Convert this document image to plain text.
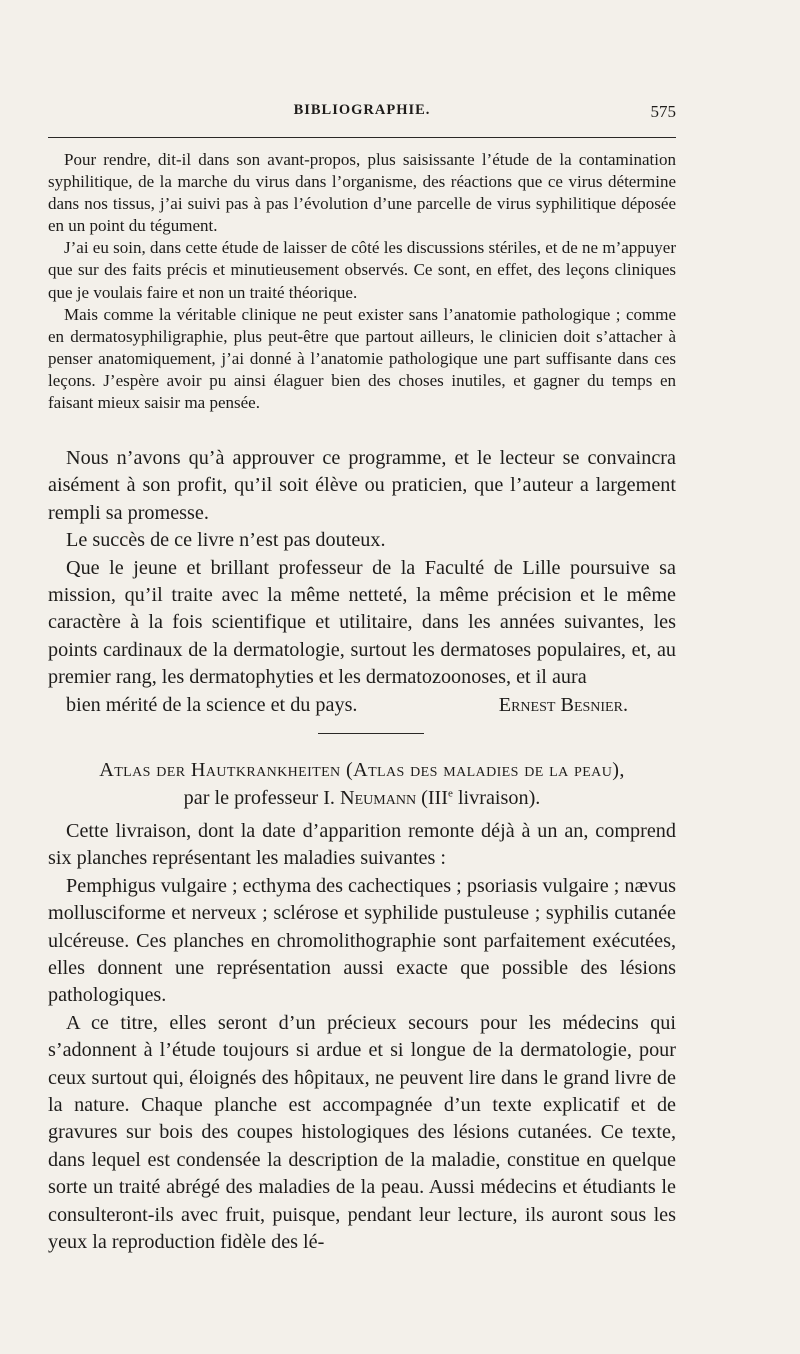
BIBLIOGRAPHIE.	575

Pour rendre, dit-il dans son avant-propos, plus saisissante l’étude de la contamination syphilitique, de la marche du virus dans l’organisme, des réactions que ce virus détermine dans nos tissus, j’ai suivi pas à pas l’évolution d’une parcelle de virus syphilitique déposée en un point du tégument.

J’ai eu soin, dans cette étude de laisser de côté les discussions stériles, et de ne m’appuyer que sur des faits précis et minutieusement observés. Ce sont, en effet, des leçons cliniques que je voulais faire et non un traité théorique.

Mais comme la véritable clinique ne peut exister sans l’anatomie pathologique ; comme en dermatosyphiligraphie, plus peut-être que partout ailleurs, le clinicien doit s’attacher à penser anatomiquement, j’ai donné à l’anatomie pathologique une part suffisante dans ces leçons. J’espère avoir pu ainsi élaguer bien des choses inutiles, et gagner du temps en faisant mieux saisir ma pensée.

Nous n’avons qu’à approuver ce programme, et le lecteur se convaincra aisément à son profit, qu’il soit élève ou praticien, que l’auteur a largement rempli sa promesse.

Le succès de ce livre n’est pas douteux.

Que le jeune et brillant professeur de la Faculté de Lille poursuive sa mission, qu’il traite avec la même netteté, la même précision et le même caractère à la fois scientifique et utilitaire, dans les années suivantes, les points cardinaux de la dermatologie, surtout les dermatoses populaires, et, au premier rang, les dermatophyties et les dermatozoonoses, et il aura

bien mérité de la science et du pays.	Ernest Besnier.

Atlas der Hautkrankheiten (Atlas des maladies de la peau),
par le professeur I. Neumann (IIIe livraison).

Cette livraison, dont la date d’apparition remonte déjà à un an, comprend six planches représentant les maladies suivantes :

Pemphigus vulgaire ; ecthyma des cachectiques ; psoriasis vulgaire ; nævus mollusciforme et nerveux ; sclérose et syphilide pustuleuse ; syphilis cutanée ulcéreuse. Ces planches en chromolithographie sont parfaitement exécutées, elles donnent une représentation aussi exacte que possible des lésions pathologiques.

A ce titre, elles seront d’un précieux secours pour les médecins qui s’adonnent à l’étude toujours si ardue et si longue de la dermatologie, pour ceux surtout qui, éloignés des hôpitaux, ne peuvent lire dans le grand livre de la nature. Chaque planche est accompagnée d’un texte explicatif et de gravures sur bois des coupes histologiques des lésions cutanées. Ce texte, dans lequel est condensée la description de la maladie, constitue en quelque sorte un traité abrégé des maladies de la peau. Aussi médecins et étudiants le consulteront-ils avec fruit, puisque, pendant leur lecture, ils auront sous les yeux la reproduction fidèle des lé-
